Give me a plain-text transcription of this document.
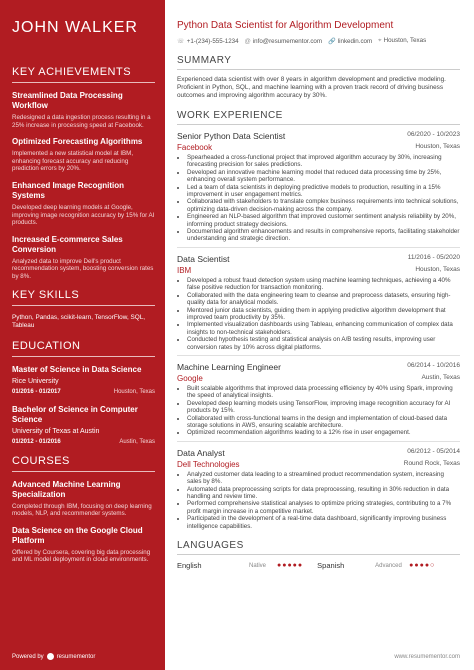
JOHN WALKER
KEY ACHIEVEMENTS
Streamlined Data Processing Workflow
Redesigned a data ingestion process resulting in a 25% increase in processing speed at Facebook.
Optimized Forecasting Algorithms
Implemented a new statistical model at IBM, enhancing forecast accuracy and reducing prediction errors by 20%.
Enhanced Image Recognition Systems
Developed deep learning models at Google, improving image recognition accuracy by 15% for AI products.
Increased E-commerce Sales Conversion
Analyzed data to improve Dell's product recommendation system, boosting conversion rates by 8%.
KEY SKILLS
Python, Pandas, scikit-learn, TensorFlow, SQL, Tableau
EDUCATION
Master of Science in Data Science
Rice University
01/2016 - 01/2017	Houston, Texas
Bachelor of Science in Computer Science
University of Texas at Austin
01/2012 - 01/2016	Austin, Texas
COURSES
Advanced Machine Learning Specialization
Completed through IBM, focusing on deep learning models, NLP, and recommender systems.
Data Science on the Google Cloud Platform
Offered by Coursera, covering big data processing and ML model deployment in cloud environments.
Powered by resumementor
Python Data Scientist for Algorithm Development
☏ +1-(234)-555-1234 @ info@resumementor.com 🔗 linkedin.com ⌖ Houston, Texas
SUMMARY
Experienced data scientist with over 8 years in algorithm development and predictive modeling. Proficient in Python, SQL, and machine learning with a proven track record of driving business outcomes and improving algorithm accuracy by 30%.
WORK EXPERIENCE
Senior Python Data Scientist	06/2020 - 10/2023
Facebook	Houston, Texas
• Spearheaded a cross-functional project that improved algorithm accuracy by 30%, increasing forecasting precision for sales predictions.
• Developed an innovative machine learning model that reduced data processing time by 25%, enhancing overall system performance.
• Led a team of data scientists in deploying predictive models to production, resulting in a 15% improvement in user engagement metrics.
• Collaborated with stakeholders to translate complex business requirements into technical solutions, optimizing data-driven decision-making across the company.
• Engineered an NLP-based algorithm that improved customer sentiment analysis reliability by 20%, informing product strategy decisions.
• Documented algorithm enhancements and results in comprehensive reports, facilitating stakeholder understanding and strategic direction.
Data Scientist	11/2016 - 05/2020
IBM	Houston, Texas
• Developed a robust fraud detection system using machine learning techniques, achieving a 40% false positive reduction for transaction monitoring.
• Collaborated with the data engineering team to cleanse and preprocess datasets, ensuring high-quality data for analytical models.
• Mentored junior data scientists, guiding them in applying predictive algorithm development that improved team productivity by 35%.
• Implemented visualization dashboards using Tableau, enhancing communication of complex data insights to non-technical stakeholders.
• Conducted hypothesis testing and statistical analysis on A/B testing results, improving user conversion rates by 10% across digital platforms.
Machine Learning Engineer	06/2014 - 10/2016
Google	Austin, Texas
• Built scalable algorithms that improved data processing efficiency by 40% using Spark, improving the speed of analytical insights.
• Developed deep learning models using TensorFlow, improving image recognition accuracy for AI products by 15%.
• Collaborated with cross-functional teams in the design and implementation of cloud-based data storage solutions in AWS, ensuring scalable architecture.
• Optimized recommendation algorithms leading to a 12% rise in user engagement.
Data Analyst	06/2012 - 05/2014
Dell Technologies	Round Rock, Texas
• Analyzed customer data leading to a streamlined product recommendation system, increasing sales by 8%.
• Automated data preprocessing scripts for data preprocessing, resulting in 30% reduction in data handling and review time.
• Performed comprehensive statistical analyses to optimize pricing strategies, contributing to a 7% profit margin increase in a competitive market.
• Participated in the development of a real-time data dashboard, significantly improving business intelligence capabilities.
LANGUAGES
English	Native	●●●●● Spanish	Advanced	●●●●○
www.resumementor.com
